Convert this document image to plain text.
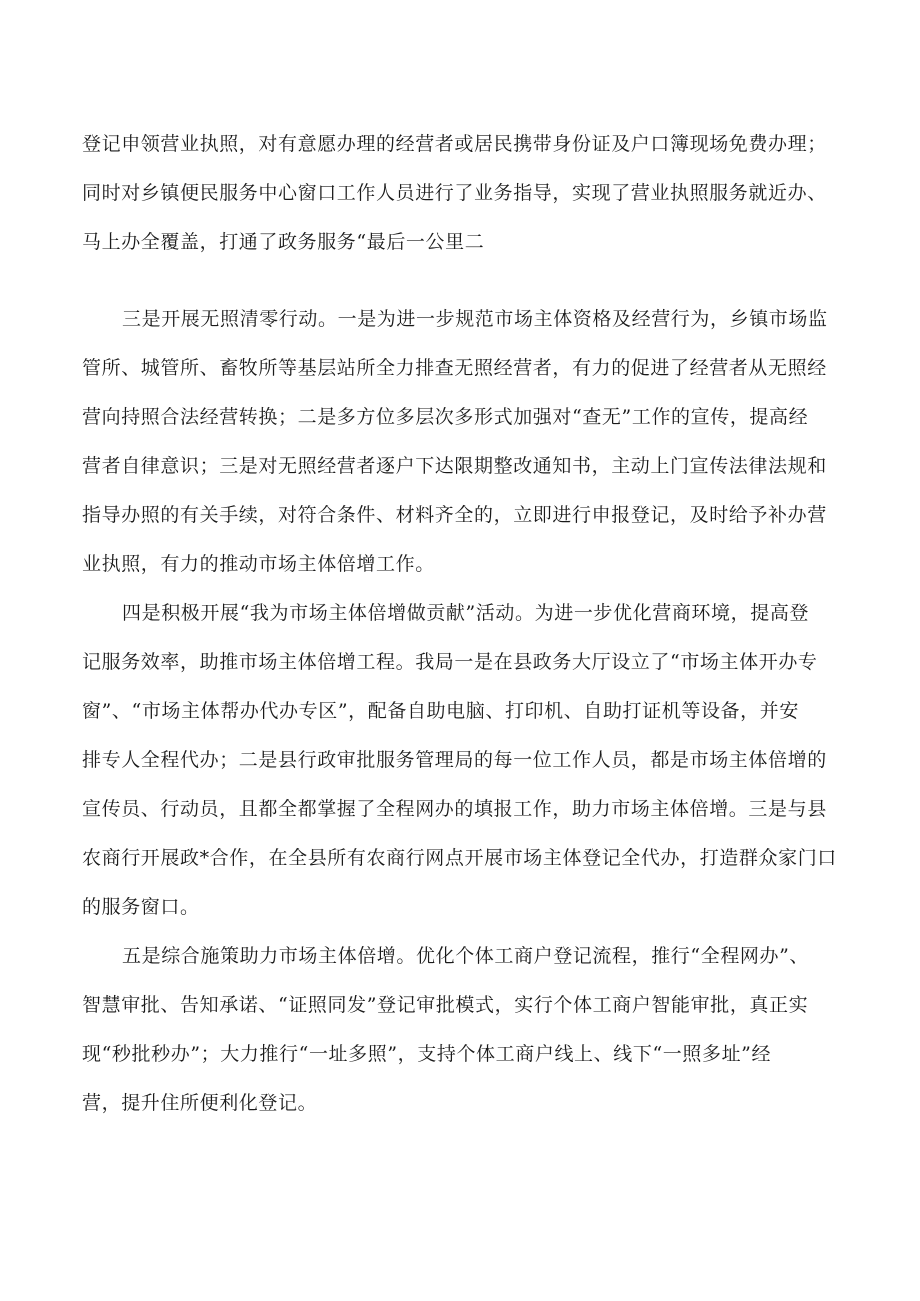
登记申领营业执照，对有意愿办理的经营者或居民携带身份证及户口簿现场免费办理；
同时对乡镇便民服务中心窗口工作人员进行了业务指导，实现了营业执照服务就近办、
马上办全覆盖，打通了政务服务“最后一公里二
三是开展无照清零行动。一是为进一步规范市场主体资格及经营行为，乡镇市场监
管所、城管所、畜牧所等基层站所全力排查无照经营者，有力的促进了经营者从无照经
营向持照合法经营转换；二是多方位多层次多形式加强对“查无”工作的宣传，提高经
营者自律意识；三是对无照经营者逐户下达限期整改通知书，主动上门宣传法律法规和
指导办照的有关手续，对符合条件、材料齐全的，立即进行申报登记，及时给予补办营
业执照，有力的推动市场主体倍增工作。
四是积极开展“我为市场主体倍增做贡献”活动。为进一步优化营商环境，提高登
记服务效率，助推市场主体倍增工程。我局一是在县政务大厅设立了“市场主体开办专
窗”、“市场主体帮办代办专区”，配备自助电脑、打印机、自助打证机等设备，并安
排专人全程代办；二是县行政审批服务管理局的每一位工作人员，都是市场主体倍增的
宣传员、行动员，且都全都掌握了全程网办的填报工作，助力市场主体倍增。三是与县
农商行开展政*合作，在全县所有农商行网点开展市场主体登记全代办，打造群众家门口
的服务窗口。
五是综合施策助力市场主体倍增。优化个体工商户登记流程，推行“全程网办”、
智慧审批、告知承诺、“证照同发”登记审批模式，实行个体工商户智能审批，真正实
现“秒批秒办”；大力推行“一址多照”，支持个体工商户线上、线下“一照多址”经
营，提升住所便利化登记。
